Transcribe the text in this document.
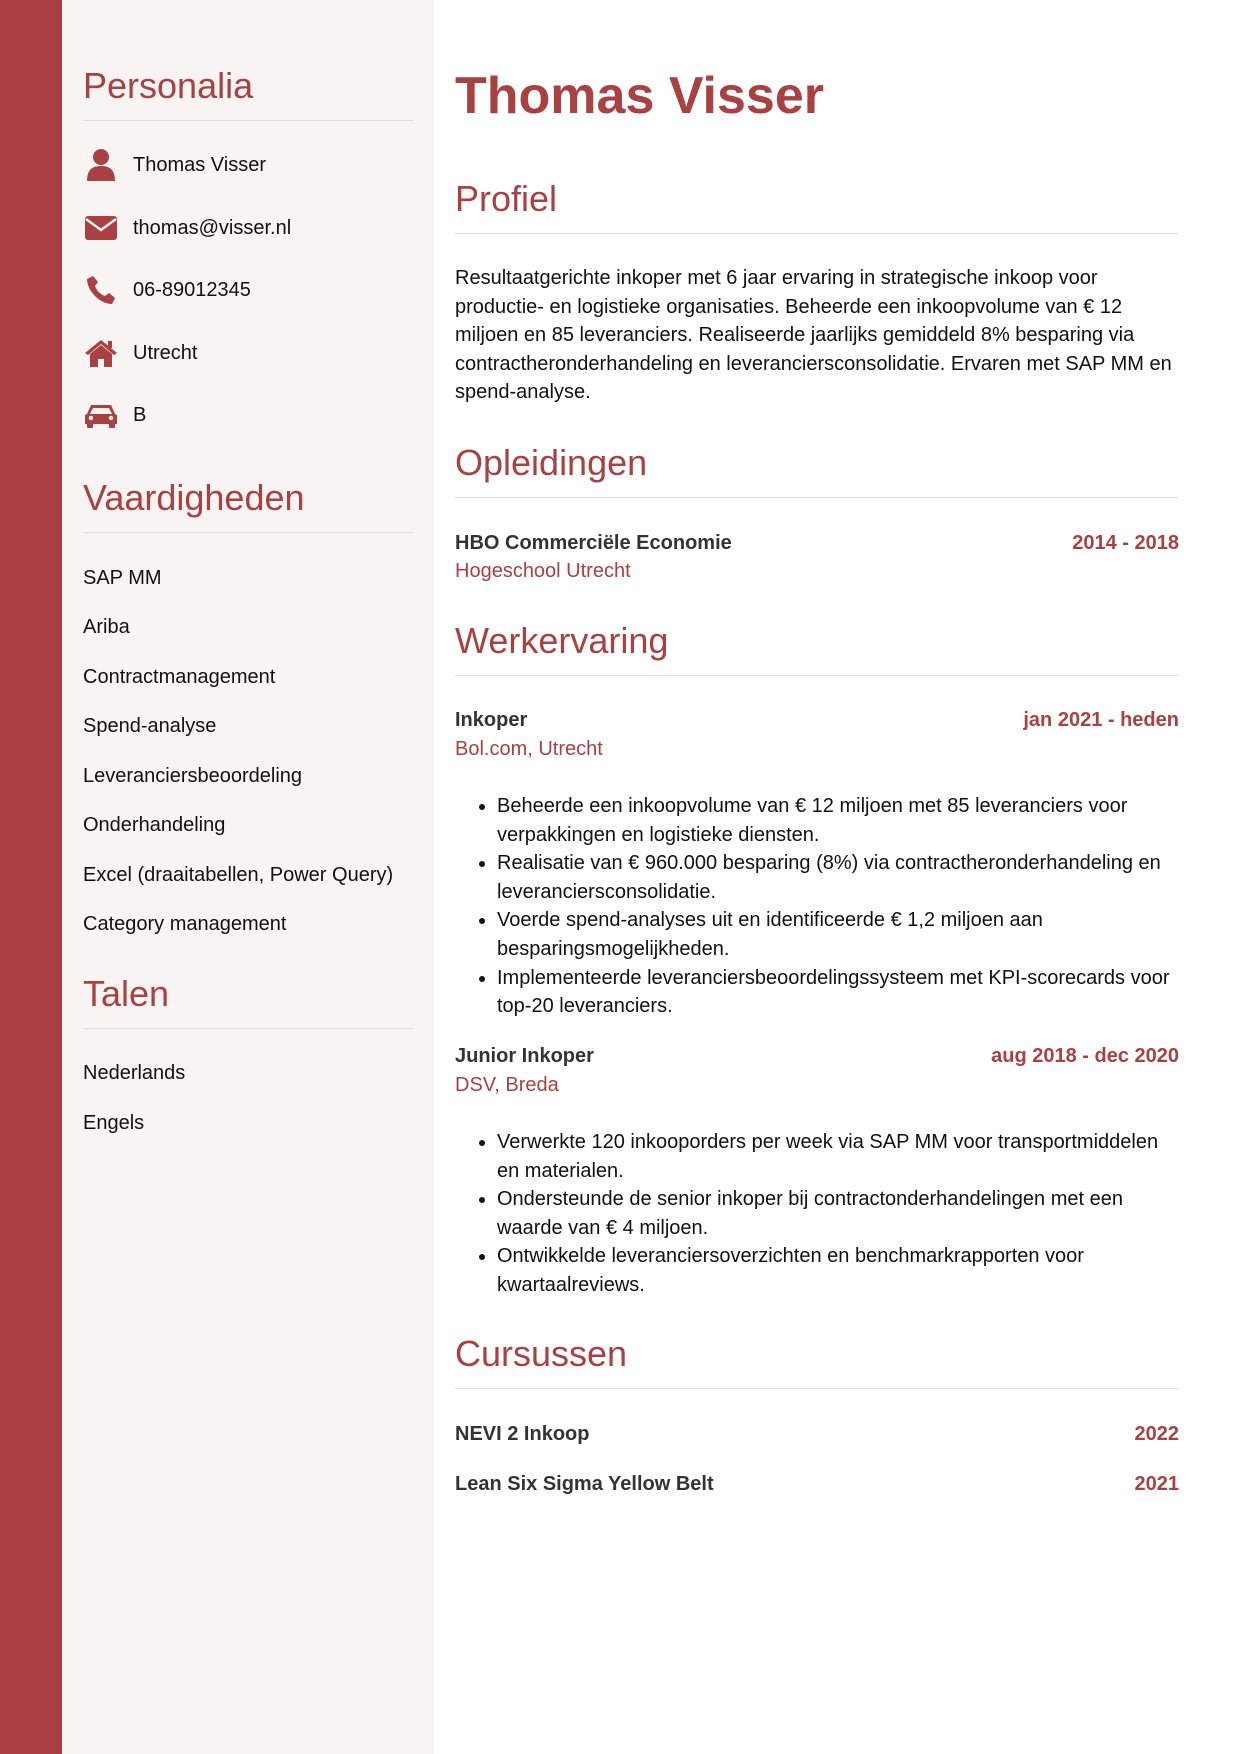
Personalia
Thomas Visser
thomas@visser.nl
06-89012345
Utrecht
B
Vaardigheden
SAP MM
Ariba
Contractmanagement
Spend-analyse
Leveranciersbeoordeling
Onderhandeling
Excel (draaitabellen, Power Query)
Category management
Talen
Nederlands
Engels
Thomas Visser
Profiel

Resultaatgerichte inkoper met 6 jaar ervaring in strategische inkoop voor productie- en logistieke organisaties. Beheerde een inkoopvolume van € 12 miljoen en 85 leveranciers. Realiseerde jaarlijks gemiddeld 8% besparing via contractheronderhandeling en leveranciersconsolidatie. Ervaren met SAP MM en spend-analyse.

Opleidingen
HBO Commerciële Economie	2014 - 2018
Hogeschool Utrecht
Werkervaring
Inkoper	jan 2021 - heden
Bol.com, Utrecht
• Beheerde een inkoopvolume van € 12 miljoen met 85 leveranciers voor verpakkingen en logistieke diensten.
• Realisatie van € 960.000 besparing (8%) via contractheronderhandeling en leveranciersconsolidatie.
• Voerde spend-analyses uit en identificeerde € 1,2 miljoen aan besparingsmogelijkheden.
• Implementeerde leveranciersbeoordelingssysteem met KPI-scorecards voor top-20 leveranciers.
Junior Inkoper	aug 2018 - dec 2020
DSV, Breda
• Verwerkte 120 inkooporders per week via SAP MM voor transportmiddelen en materialen.
• Ondersteunde de senior inkoper bij contractonderhandelingen met een waarde van € 4 miljoen.
• Ontwikkelde leveranciersoverzichten en benchmarkrapporten voor kwartaalreviews.
Cursussen
NEVI 2 Inkoop	2022
Lean Six Sigma Yellow Belt	2021
